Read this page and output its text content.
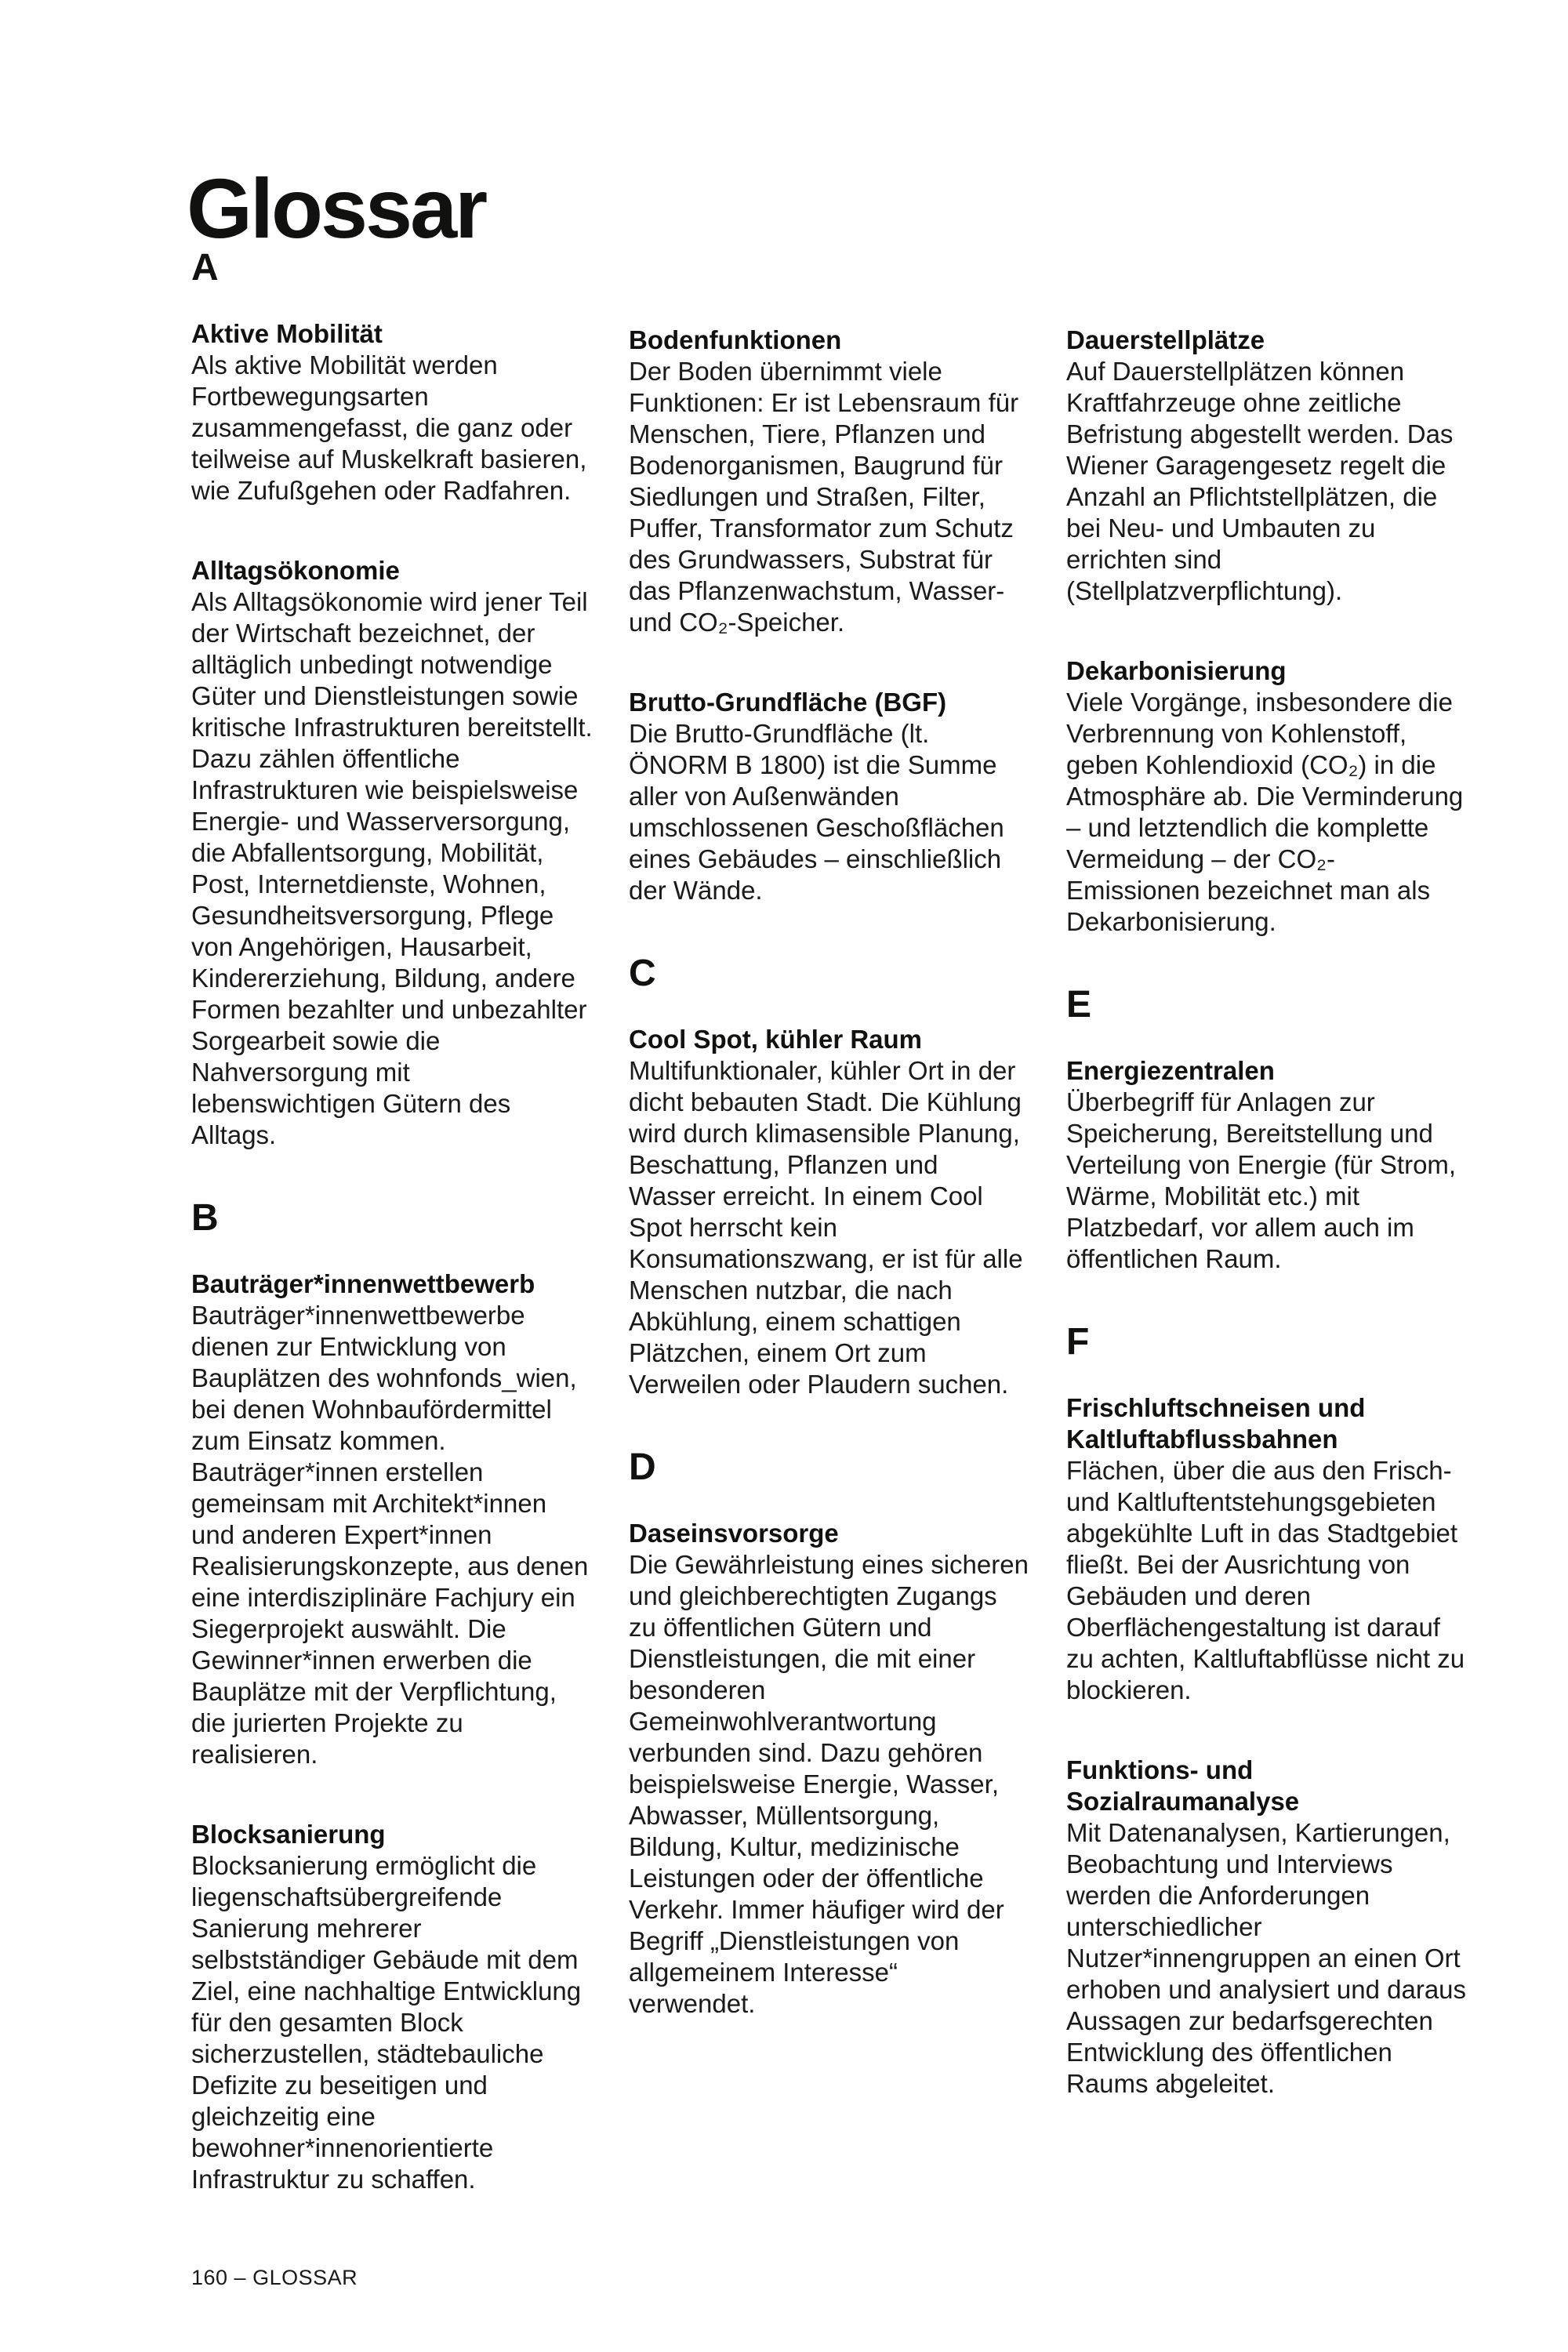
Glossar
A

Aktive Mobilität

Als aktive Mobilität werden Fortbewegungsarten zusammengefasst, die ganz oder teilweise auf Muskelkraft basieren, wie Zufußgehen oder Radfahren.

Alltagsökonomie

Als Alltagsökonomie wird jener Teil der Wirtschaft bezeichnet, der alltäglich unbedingt notwendige Güter und Dienstleistungen sowie kritische Infrastrukturen bereitstellt. Dazu zählen öffentliche Infrastrukturen wie beispielsweise Energie- und Wasserversorgung, die Abfallentsorgung, Mobilität, Post, Internetdienste, Wohnen, Gesundheitsversorgung, Pflege von Angehörigen, Hausarbeit, Kindererziehung, Bildung, andere Formen bezahlter und unbezahlter Sorgearbeit sowie die Nahversorgung mit lebenswichtigen Gütern des Alltags.

B

Bauträger*innenwettbewerb

Bauträger*innenwettbewerbe dienen zur Entwicklung von Bauplätzen des wohnfonds_wien, bei denen Wohnbaufördermittel zum Einsatz kommen. Bauträger*innen erstellen gemeinsam mit Architekt*innen und anderen Expert*innen Realisierungskonzepte, aus denen eine interdisziplinäre Fachjury ein Siegerprojekt auswählt. Die Gewinner*innen erwerben die Bauplätze mit der Verpflichtung, die jurierten Projekte zu realisieren.

Blocksanierung

Blocksanierung ermöglicht die liegenschaftsübergreifende Sanierung mehrerer selbstständiger Gebäude mit dem Ziel, eine nachhaltige Entwicklung für den gesamten Block sicherzustellen, städtebauliche Defizite zu beseitigen und gleichzeitig eine bewohner*innenorientierte Infrastruktur zu schaffen.

Bodenfunktionen

Der Boden übernimmt viele Funktionen: Er ist Lebensraum für Menschen, Tiere, Pflanzen und Bodenorganismen, Baugrund für Siedlungen und Straßen, Filter, Puffer, Transformator zum Schutz des Grundwassers, Substrat für das Pflanzenwachstum, Wasser- und CO₂-Speicher.

Brutto-Grundfläche (BGF)

Die Brutto-Grundfläche (lt. ÖNORM B 1800) ist die Summe aller von Außenwänden umschlossenen Geschoßflächen eines Gebäudes – einschließlich der Wände.

C

Cool Spot, kühler Raum

Multifunktionaler, kühler Ort in der dicht bebauten Stadt. Die Kühlung wird durch klimasensible Planung, Beschattung, Pflanzen und Wasser erreicht. In einem Cool Spot herrscht kein Konsumationszwang, er ist für alle Menschen nutzbar, die nach Abkühlung, einem schattigen Plätzchen, einem Ort zum Verweilen oder Plaudern suchen.

D

Daseinsvorsorge

Die Gewährleistung eines sicheren und gleichberechtigten Zugangs zu öffentlichen Gütern und Dienstleistungen, die mit einer besonderen Gemeinwohlverantwortung verbunden sind. Dazu gehören beispielsweise Energie, Wasser, Abwasser, Müllentsorgung, Bildung, Kultur, medizinische Leistungen oder der öffentliche Verkehr. Immer häufiger wird der Begriff „Dienstleistungen von allgemeinem Interesse“ verwendet.

Dauerstellplätze

Auf Dauerstellplätzen können Kraftfahrzeuge ohne zeitliche Befristung abgestellt werden. Das Wiener Garagengesetz regelt die Anzahl an Pflichtstellplätzen, die bei Neu- und Umbauten zu errichten sind (Stellplatzverpflichtung).

Dekarbonisierung

Viele Vorgänge, insbesondere die Verbrennung von Kohlenstoff, geben Kohlendioxid (CO₂) in die Atmosphäre ab. Die Verminderung – und letztendlich die komplette Vermeidung – der CO₂-Emissionen bezeichnet man als Dekarbonisierung.

E

Energiezentralen

Überbegriff für Anlagen zur Speicherung, Bereitstellung und Verteilung von Energie (für Strom, Wärme, Mobilität etc.) mit Platzbedarf, vor allem auch im öffentlichen Raum.

F

Frischluftschneisen und Kaltluftabflussbahnen

Flächen, über die aus den Frisch- und Kaltluftentstehungsgebieten abgekühlte Luft in das Stadtgebiet fließt. Bei der Ausrichtung von Gebäuden und deren Oberflächengestaltung ist darauf zu achten, Kaltluftabflüsse nicht zu blockieren.

Funktions- und Sozialraumanalyse

Mit Datenanalysen, Kartierungen, Beobachtung und Interviews werden die Anforderungen unterschiedlicher Nutzer*innengruppen an einen Ort erhoben und analysiert und daraus Aussagen zur bedarfsgerechten Entwicklung des öffentlichen Raums abgeleitet.

160 – GLOSSAR
